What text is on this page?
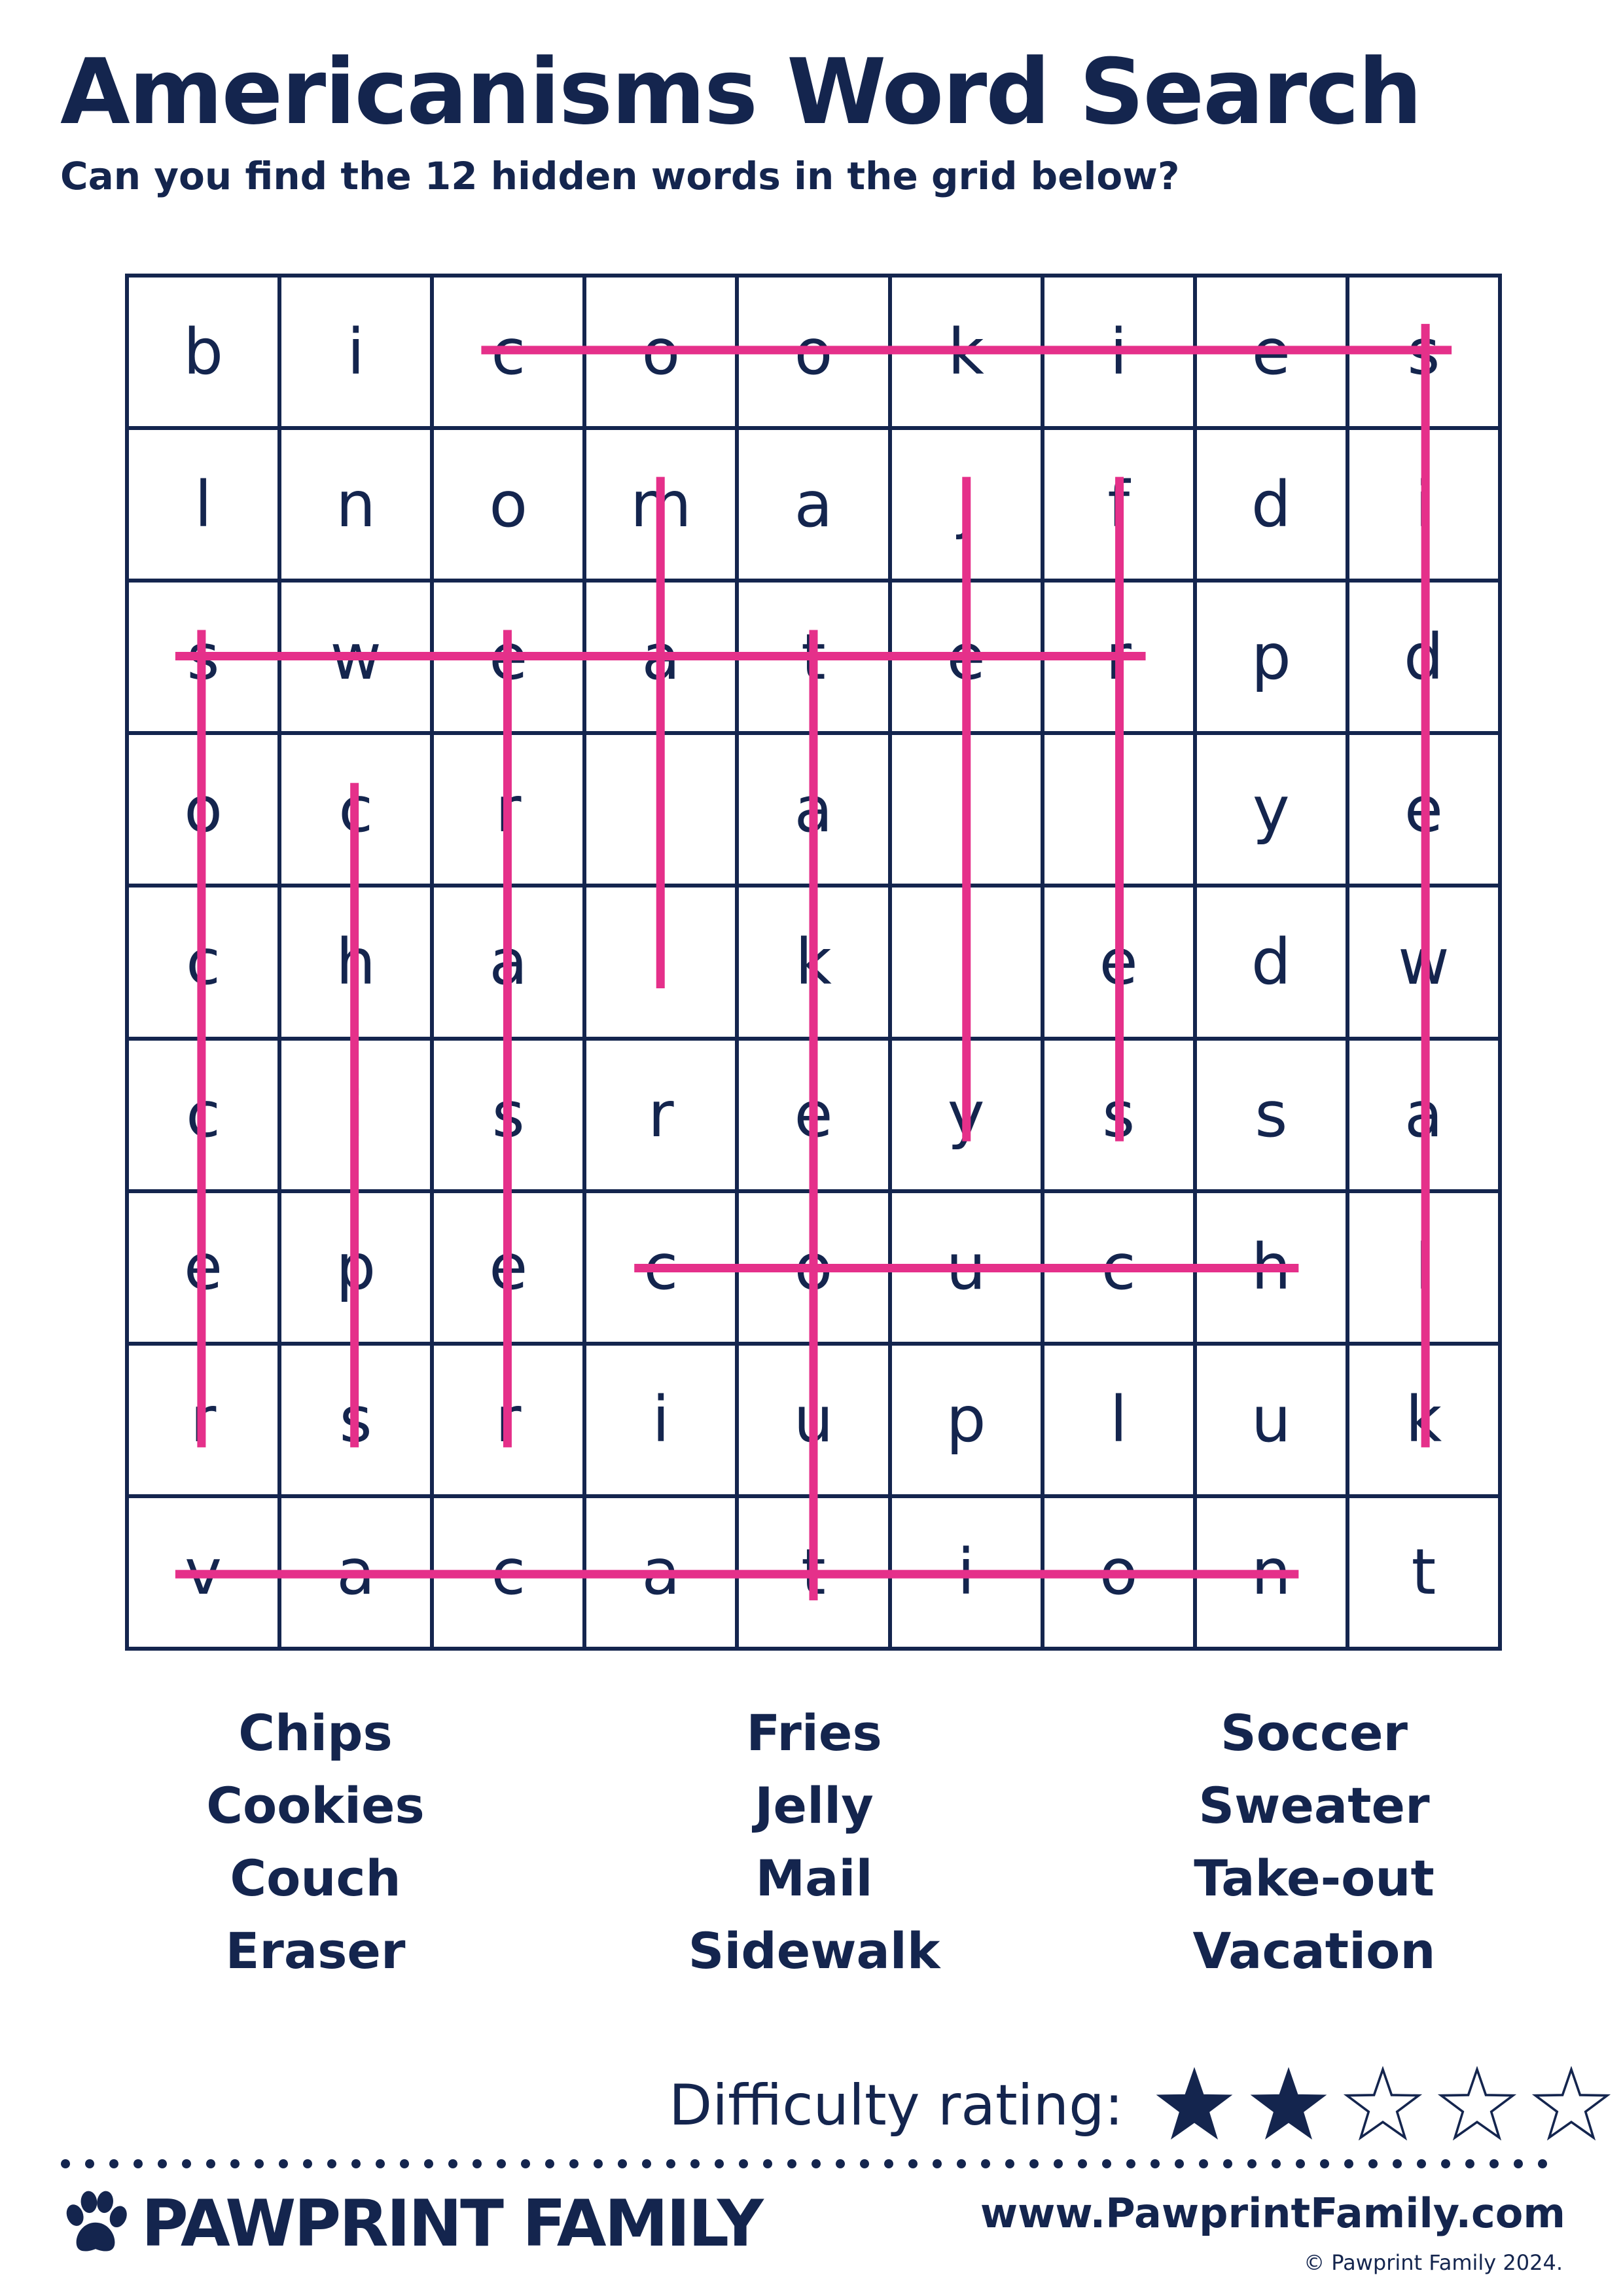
Americanisms Word Search
Can you find the 12 hidden words in the grid below?
b	i	c	o	o	k	i	e	s
l	n	o	m	a	j	f	d	i
s	w	e	a	t	e	r	p	d
o	c	r	l	a	l	i	y	e
c	h	a	l	k	l	e	d	w
c	i	s	r	e	y	s	s	a
e	p	e	c	o	u	c	h	l
r	s	r	i	u	p	l	u	k
v	a	c	a	t	i	o	n	t
Chips
Cookies
Couch
Eraser
Fries
Jelly
Mail
Sidewalk
Soccer
Sweater
Take-out
Vacation
Difficulty rating:
PAWPRINT FAMILY	www.PawprintFamily.com
© Pawprint Family 2024.
